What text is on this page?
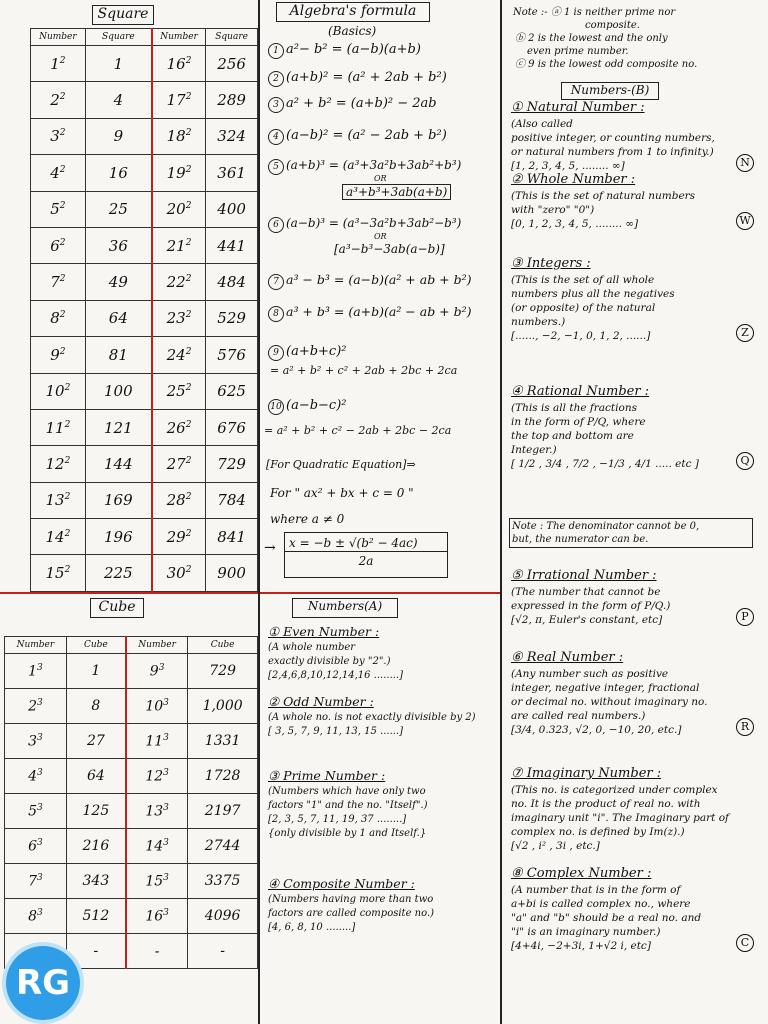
Square
Number	Square	Number	Square
$1^2$	1	$16^2$	256
$2^2$	4	$17^2$	289
$3^2$	9	$18^2$	324
$4^2$	16	$19^2$	361
$5^2$	25	$20^2$	400
$6^2$	36	$21^2$	441
$7^2$	49	$22^2$	484
$8^2$	64	$23^2$	529
$9^2$	81	$24^2$	576
$10^2$	100	$25^2$	625
$11^2$	121	$26^2$	676
$12^2$	144	$27^2$	729
$13^2$	169	$28^2$	784
$14^2$	196	$29^2$	841
$15^2$	225	$30^2$	900
Cube
Number	Cube	Number	Cube
$1^3$	1	$9^3$	729
$2^3$	8	$10^3$	1,000
$3^3$	27	$11^3$	1331
$4^3$	64	$12^3$	1728
$5^3$	125	$13^3$	2197
$6^3$	216	$14^3$	2744
$7^3$	343	$15^3$	3375
$8^3$	512	$16^3$	4096
	-	-	-
RG
Algebra's formula
(Basics)
1 a²− b² = (a−b)(a+b)
2 (a+b)² = (a² + 2ab + b²)
3 a² + b² = (a+b)² − 2ab
4 (a−b)² = (a² − 2ab + b²)
5 (a+b)³ = (a³+3a²b+3ab²+b³)
OR
a³+b³+3ab(a+b)
6 (a−b)³ = (a³−3a²b+3ab²−b³)
OR
[a³−b³−3ab(a−b)]
7 a³ − b³ = (a−b)(a² + ab + b²)
8 a³ + b³ = (a+b)(a² − ab + b²)
9 (a+b+c)²
= a² + b² + c² + 2ab + 2bc + 2ca
10 (a−b−c)²
= a² + b² + c² − 2ab + 2bc − 2ca
[For Quadratic Equation]⇒
For " ax² + bx + c = 0 "
where a ≠ 0
→	x = −b ± √(b² − 4ac)
2a
Numbers(A)
① Even Number :
(A whole number
exactly divisible by "2".)
[2,4,6,8,10,12,14,16 ........]
② Odd Number :
(A whole no. is not exactly divisible by 2)
[ 3, 5, 7, 9, 11, 13, 15 ......]
③ Prime Number :
(Numbers which have only two
factors "1" and the no. "Itself".)
[2, 3, 5, 7, 11, 19, 37 ........]
{only divisible by 1 and Itself.}
④ Composite Number :
(Numbers having more than two
factors are called composite no.)
[4, 6, 8, 10 ........]
Note :- ⓐ 1 is neither prime nor
composite.
ⓑ 2 is the lowest and the only
even prime number.
ⓒ 9 is the lowest odd composite no.
Numbers-(B)
① Natural Number :
(Also called
positive integer, or counting numbers,
or natural numbers from 1 to infinity.)
[1, 2, 3, 4, 5, ........ ∞]	N
② Whole Number :
(This is the set of natural numbers
with "zero" "0")
[0, 1, 2, 3, 4, 5, ........ ∞]	W
③ Integers :
(This is the set of all whole
numbers plus all the negatives
(or opposite) of the natural
numbers.)
[......, −2, −1, 0, 1, 2, ......]	Z
④ Rational Number :
(This is all the fractions
in the form of P/Q, where
the top and bottom are
Integer.)
[ 1/2 , 3/4 , 7/2 , −1/3 , 4/1 ..... etc ]	Q
⑤ Irrational Number :
(The number that cannot be
expressed in the form of P/Q.)
[√2, π, Euler's constant, etc]	P
⑥ Real Number :
(Any number such as positive
integer, negative integer, fractional
or decimal no. without imaginary no.
are called real numbers.)
[3/4, 0.323, √2, 0, −10, 20, etc.]	R
⑦ Imaginary Number :
(This no. is categorized under complex
no. It is the product of real no. with
imaginary unit "i". The Imaginary part of
complex no. is defined by Im(z).)
[√2 , i² , 3i , etc.]
⑧ Complex Number :
(A number that is in the form of
a+bi is called complex no., where
"a" and "b" should be a real no. and
"i" is an imaginary number.)
[4+4i, −2+3i, 1+√2 i, etc]	C
Note : The denominator cannot be 0,
but, the numerator can be.
